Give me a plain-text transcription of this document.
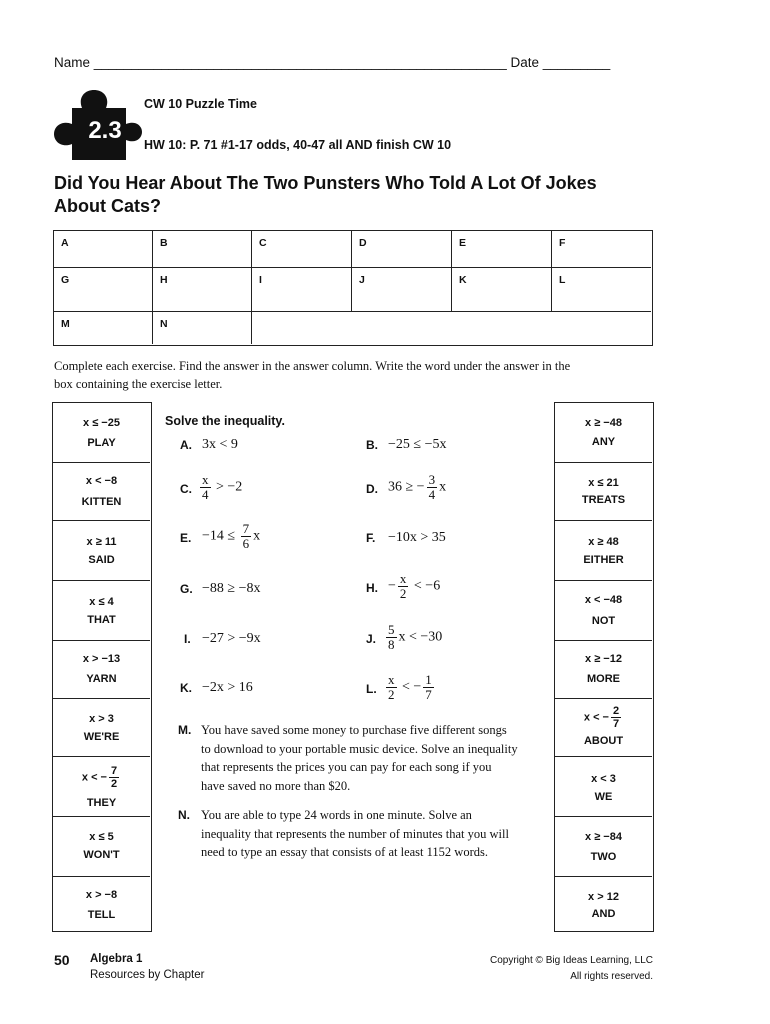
Name _______________________________________________________ Date _________
2.3
CW 10 Puzzle Time
HW 10: P. 71 #1-17 odds, 40-47 all AND finish CW 10
Did You Hear About The Two Punsters Who Told A Lot Of Jokes About Cats?
A	B	C	D	E	F
G	H	I	J	K	L
M	N
Complete each exercise. Find the answer in the answer column. Write the word under the answer in the box containing the exercise letter.
x ≤ −25
PLAY
x < −8
KITTEN
x ≥ 11
SAID
x ≤ 4
THAT
x > −13
YARN
x > 3
WE'RE
x < − $\frac{7}{2}$
THEY
x ≤ 5
WON'T
x > −8
TELL
x ≥ −48
ANY
x ≤ 21
TREATS
x ≥ 48
EITHER
x < −48
NOT
x ≥ −12
MORE
x < − $\frac{2}{7}$
ABOUT
x < 3
WE
x ≥ −84
TWO
x > 12
AND
Solve the inequality.
A. 3x < 9	B. −25 ≤ −5x
C. $\frac{x}{4} > -2$	D. 36 ≥ − $\frac{3}{4}$ x
E. $-14 \le \frac{7}{6}$ x	F. −10x > 35
G. −88 ≥ −8x	H. − $\frac{x}{2} < -6$
I. −27 > −9x	J. $\frac{5}{8}$ x < −30
K. −2x > 16	L. $\frac{x}{2}$ < − $\frac{1}{7}$
M. You have saved some money to purchase five different songs to download to your portable music device. Solve an inequality that represents the prices you can pay for each song if you have saved no more than $20.
N. You are able to type 24 words in one minute. Solve an inequality that represents the number of minutes that you will need to type an essay that consists of at least 1152 words.
50 Algebra 1
Resources by Chapter
Copyright © Big Ideas Learning, LLC
All rights reserved.
